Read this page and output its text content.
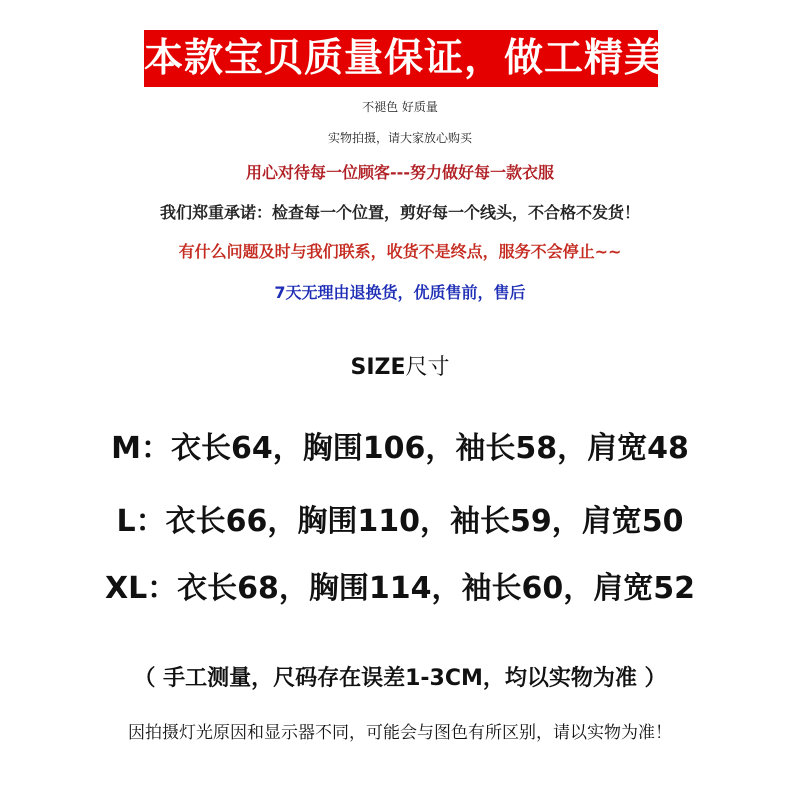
本款宝贝质量保证，做工精美
不褪色 好质量
实物拍摄，请大家放心购买
用心对待每一位顾客---努力做好每一款衣服
我们郑重承诺：检查每一个位置，剪好每一个线头，不合格不发货！
有什么问题及时与我们联系，收货不是终点，服务不会停止~~
7天无理由退换货，优质售前，售后
SIZE尺寸
M：衣长64，胸围106，袖长58，肩宽48
L：衣长66，胸围110，袖长59，肩宽50
XL：衣长68，胸围114，袖长60，肩宽52
（ 手工测量，尺码存在误差1-3CM，均以实物为准 ）
因拍摄灯光原因和显示器不同，可能会与图色有所区别，请以实物为准！
